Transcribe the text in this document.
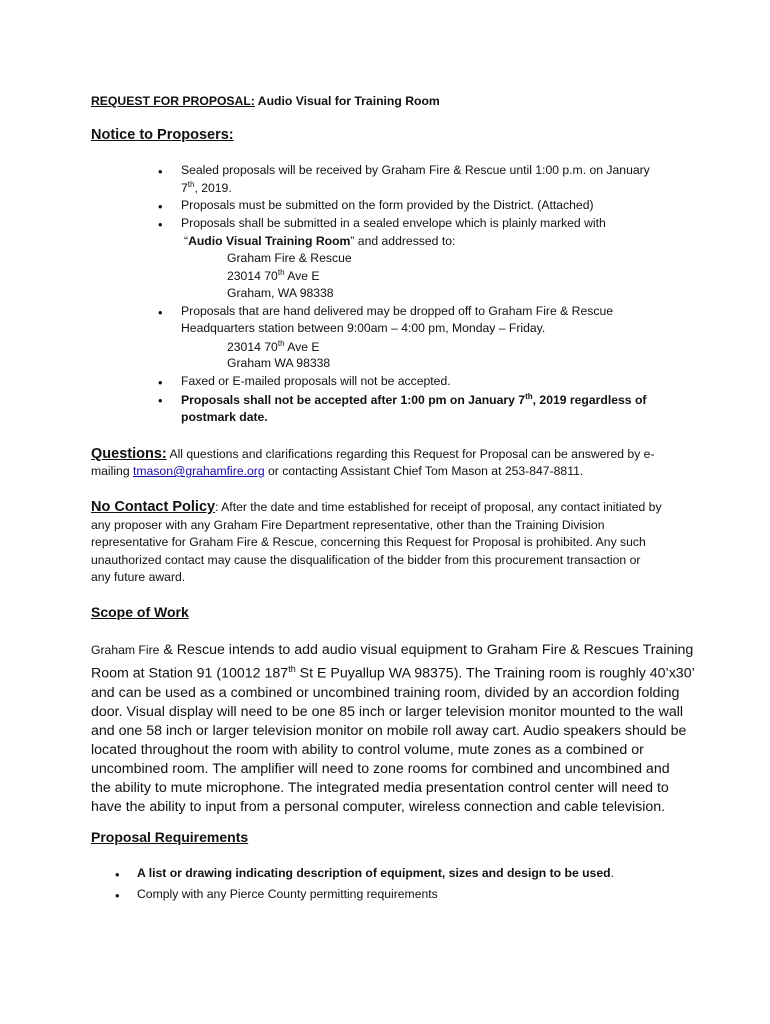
REQUEST FOR PROPOSAL: Audio Visual for Training Room
Notice to Proposers:
• Sealed proposals will be received by Graham Fire & Rescue until 1:00 p.m. on January
7th, 2019.
• Proposals must be submitted on the form provided by the District. (Attached)
• Proposals shall be submitted in a sealed envelope which is plainly marked with
“Audio Visual Training Room” and addressed to:
Graham Fire & Rescue
23014 70th Ave E
Graham, WA 98338
• Proposals that are hand delivered may be dropped off to Graham Fire & Rescue
Headquarters station between 9:00am – 4:00 pm, Monday – Friday.
23014 70th Ave E
Graham WA 98338
• Faxed or E-mailed proposals will not be accepted.
• Proposals shall not be accepted after 1:00 pm on January 7th, 2019 regardless of
postmark date.
Questions: All questions and clarifications regarding this Request for Proposal can be answered by e-
mailing tmason@grahamfire.org or contacting Assistant Chief Tom Mason at 253-847-8811.
No Contact Policy: After the date and time established for receipt of proposal, any contact initiated by
any proposer with any Graham Fire Department representative, other than the Training Division
representative for Graham Fire & Rescue, concerning this Request for Proposal is prohibited. Any such
unauthorized contact may cause the disqualification of the bidder from this procurement transaction or
any future award.
Scope of Work
Graham Fire & Rescue intends to add audio visual equipment to Graham Fire & Rescues Training
Room at Station 91 (10012 187th St E Puyallup WA 98375). The Training room is roughly 40’x30’
and can be used as a combined or uncombined training room, divided by an accordion folding
door. Visual display will need to be one 85 inch or larger television monitor mounted to the wall
and one 58 inch or larger television monitor on mobile roll away cart. Audio speakers should be
located throughout the room with ability to control volume, mute zones as a combined or
uncombined room. The amplifier will need to zone rooms for combined and uncombined and
the ability to mute microphone. The integrated media presentation control center will need to
have the ability to input from a personal computer, wireless connection and cable television.
Proposal Requirements
• A list or drawing indicating description of equipment, sizes and design to be used.
• Comply with any Pierce County permitting requirements
